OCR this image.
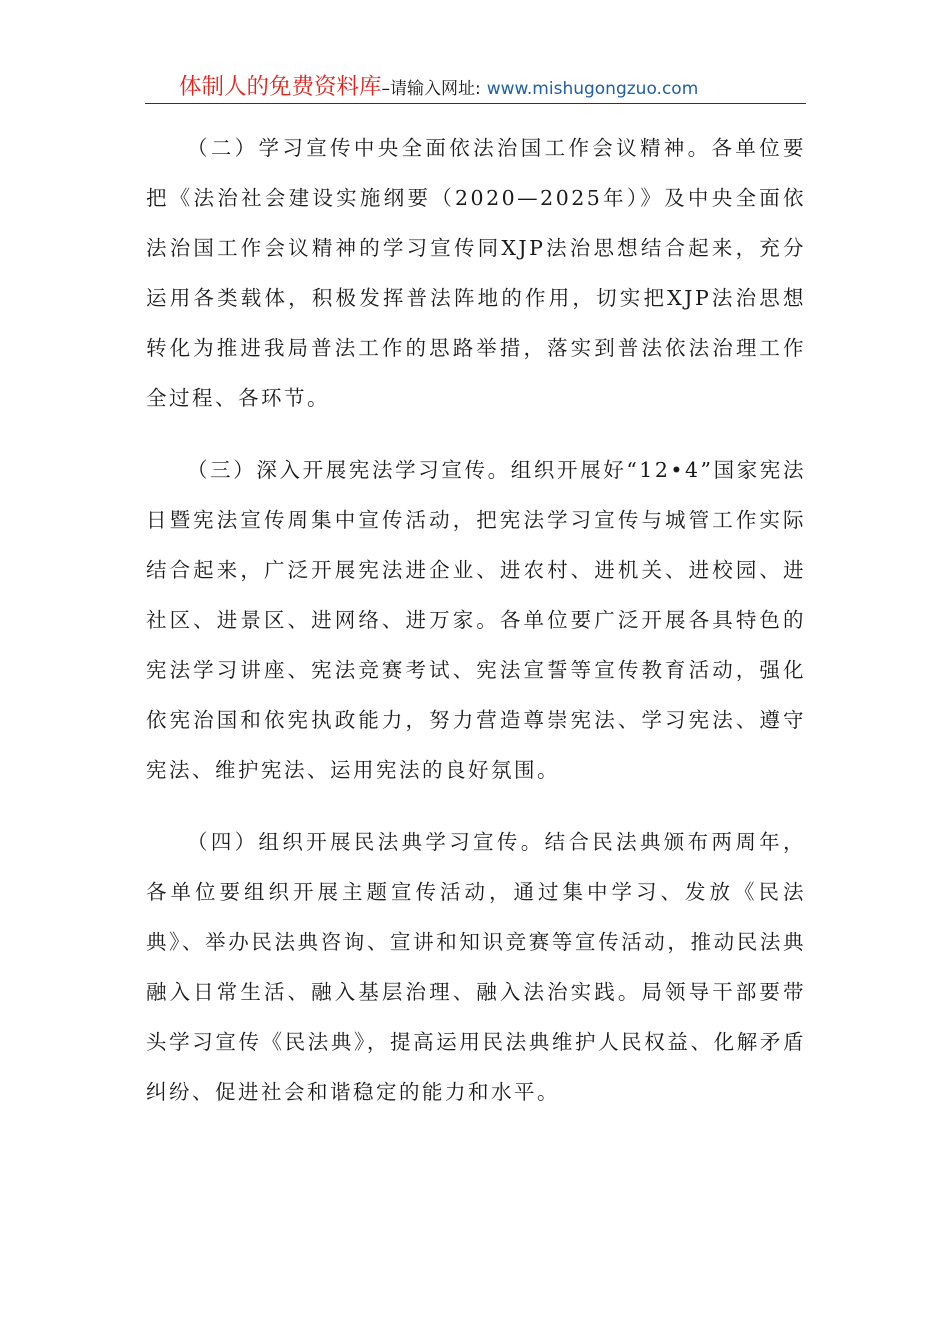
体制人的免费资料库–请输入网址: www.mishugongzuo.com

（二）学习宣传中央全面依法治国工作会议精神。各单位要把《法治社会建设实施纲要（2020—2025年）》及中央全面依法治国工作会议精神的学习宣传同XJP法治思想结合起来，充分运用各类载体，积极发挥普法阵地的作用，切实把XJP法治思想转化为推进我局普法工作的思路举措，落实到普法依法治理工作全过程、各环节。

（三）深入开展宪法学习宣传。组织开展好“12•4”国家宪法日暨宪法宣传周集中宣传活动，把宪法学习宣传与城管工作实际结合起来，广泛开展宪法进企业、进农村、进机关、进校园、进社区、进景区、进网络、进万家。各单位要广泛开展各具特色的宪法学习讲座、宪法竞赛考试、宪法宣誓等宣传教育活动，强化依宪治国和依宪执政能力，努力营造尊崇宪法、学习宪法、遵守宪法、维护宪法、运用宪法的良好氛围。

（四）组织开展民法典学习宣传。结合民法典颁布两周年，各单位要组织开展主题宣传活动，通过集中学习、发放《民法典》、举办民法典咨询、宣讲和知识竞赛等宣传活动，推动民法典融入日常生活、融入基层治理、融入法治实践。局领导干部要带头学习宣传《民法典》，提高运用民法典维护人民权益、化解矛盾纠纷、促进社会和谐稳定的能力和水平。
